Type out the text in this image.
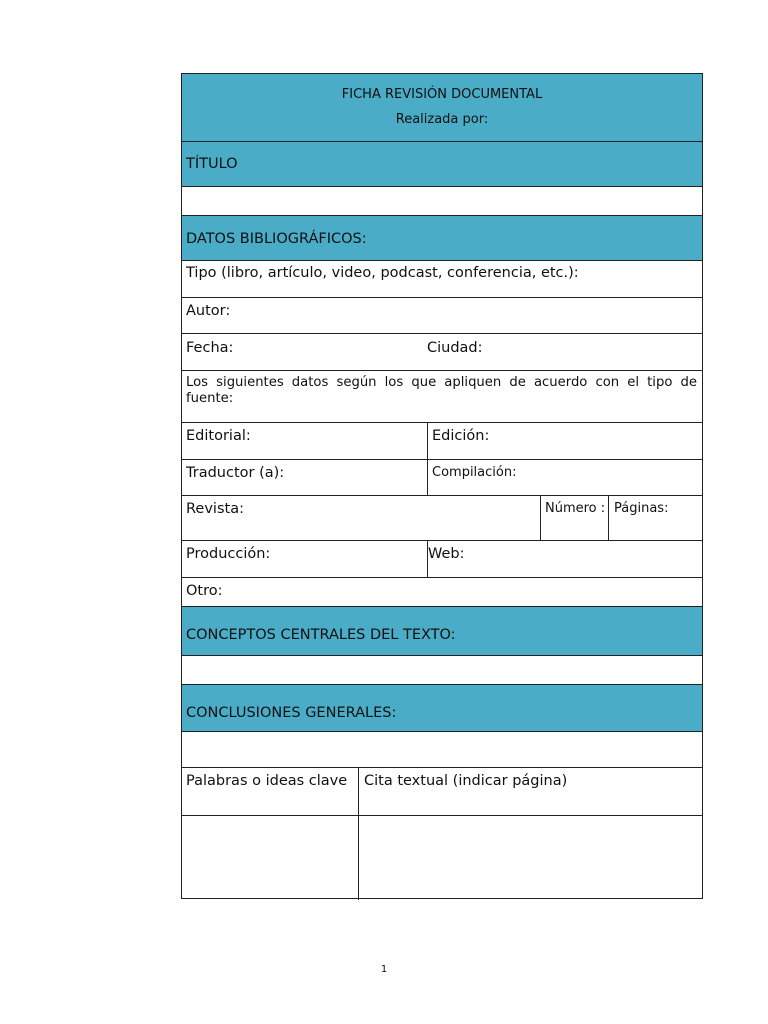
FICHA REVISIÓN DOCUMENTAL
Realizada por:
TÍTULO
DATOS BIBLIOGRÁFICOS:
Tipo (libro, artículo, video, podcast, conferencia, etc.):
Autor:
Fecha:	Ciudad:
Los siguientes datos según los que apliquen de acuerdo con el tipo de fuente:
Editorial:	Edición:
Traductor (a):	Compilación:
Revista:	Número : Páginas:
Producción:	Web:
Otro:
CONCEPTOS CENTRALES DEL TEXTO:
CONCLUSIONES GENERALES:
Palabras o ideas clave	Cita textual (indicar página)
1
